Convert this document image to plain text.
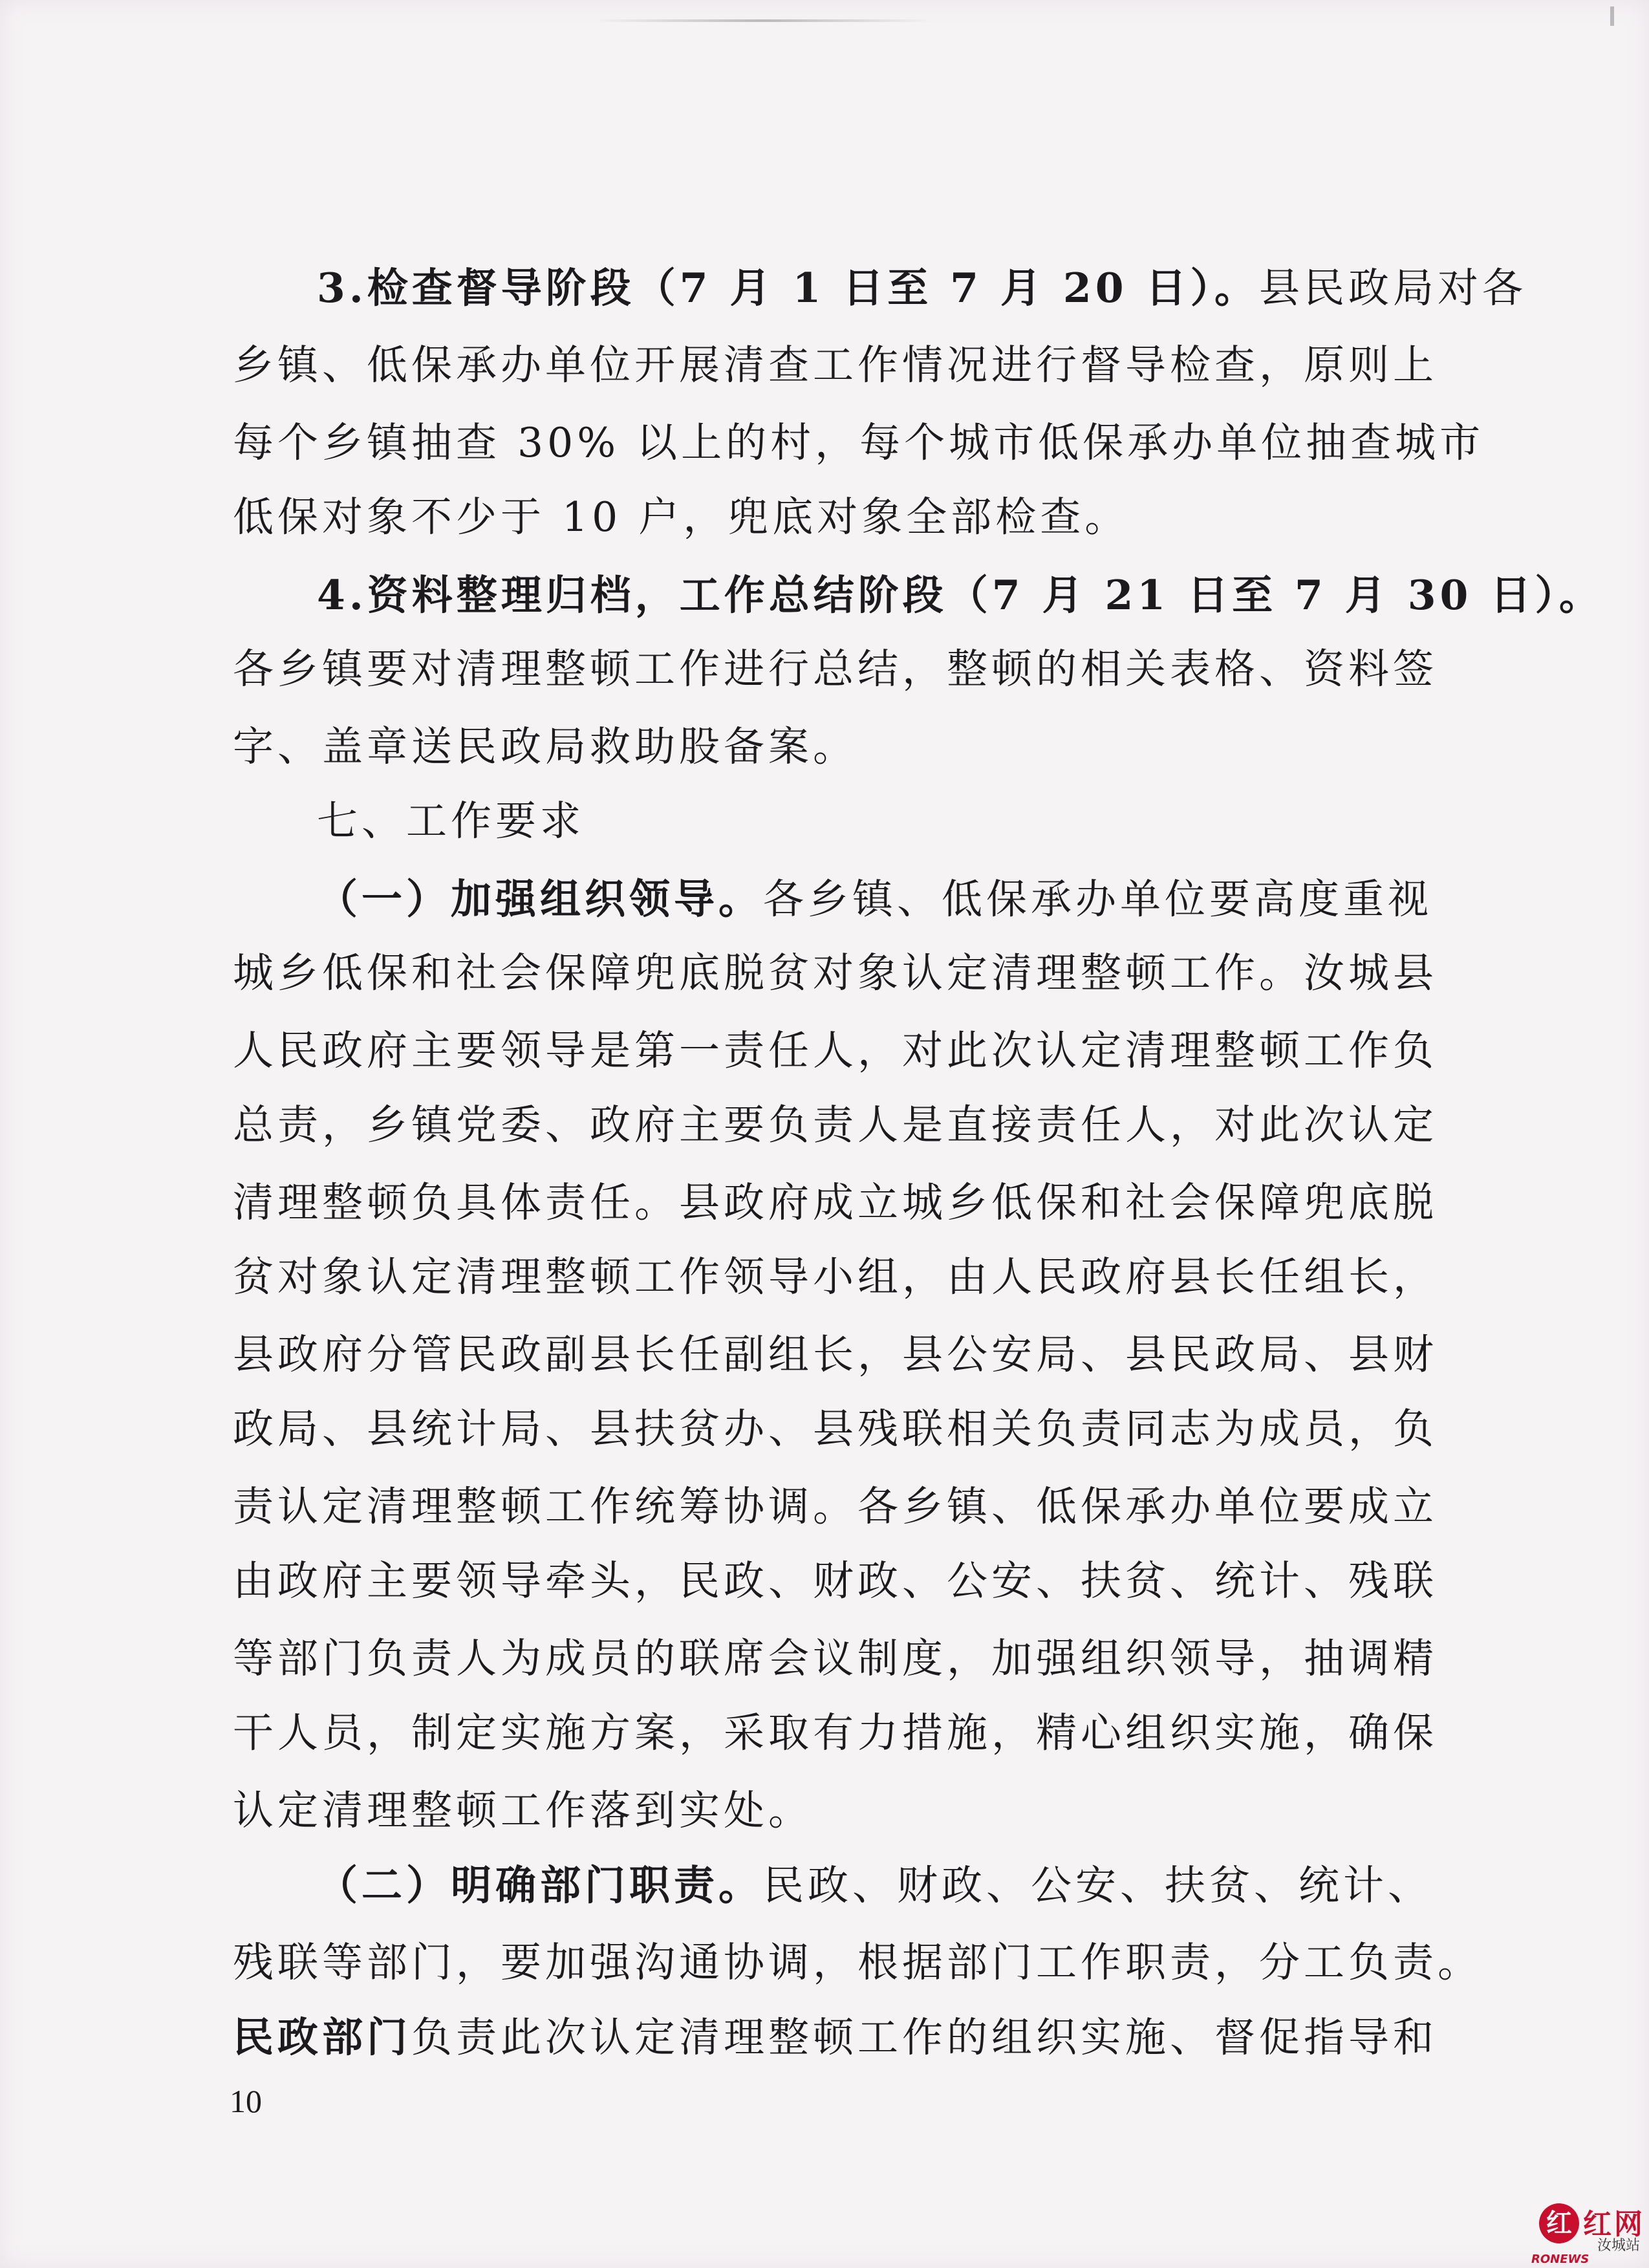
3.检查督导阶段（7 月 1 日至 7 月 20 日）。县民政局对各
乡镇、低保承办单位开展清查工作情况进行督导检查，原则上
每个乡镇抽查 30% 以上的村，每个城市低保承办单位抽查城市
低保对象不少于 10 户，兜底对象全部检查。
4.资料整理归档，工作总结阶段（7 月 21 日至 7 月 30 日）。
各乡镇要对清理整顿工作进行总结，整顿的相关表格、资料签
字、盖章送民政局救助股备案。
七、工作要求
（一）加强组织领导。各乡镇、低保承办单位要高度重视
城乡低保和社会保障兜底脱贫对象认定清理整顿工作。汝城县
人民政府主要领导是第一责任人，对此次认定清理整顿工作负
总责，乡镇党委、政府主要负责人是直接责任人，对此次认定
清理整顿负具体责任。县政府成立城乡低保和社会保障兜底脱
贫对象认定清理整顿工作领导小组，由人民政府县长任组长，
县政府分管民政副县长任副组长，县公安局、县民政局、县财
政局、县统计局、县扶贫办、县残联相关负责同志为成员，负
责认定清理整顿工作统筹协调。各乡镇、低保承办单位要成立
由政府主要领导牵头，民政、财政、公安、扶贫、统计、残联
等部门负责人为成员的联席会议制度，加强组织领导，抽调精
干人员，制定实施方案，采取有力措施，精心组织实施，确保
认定清理整顿工作落到实处。
（二）明确部门职责。民政、财政、公安、扶贫、统计、
残联等部门，要加强沟通协调，根据部门工作职责，分工负责。
民政部门负责此次认定清理整顿工作的组织实施、督促指导和
10
红 红网
汝城站
RONEWS
